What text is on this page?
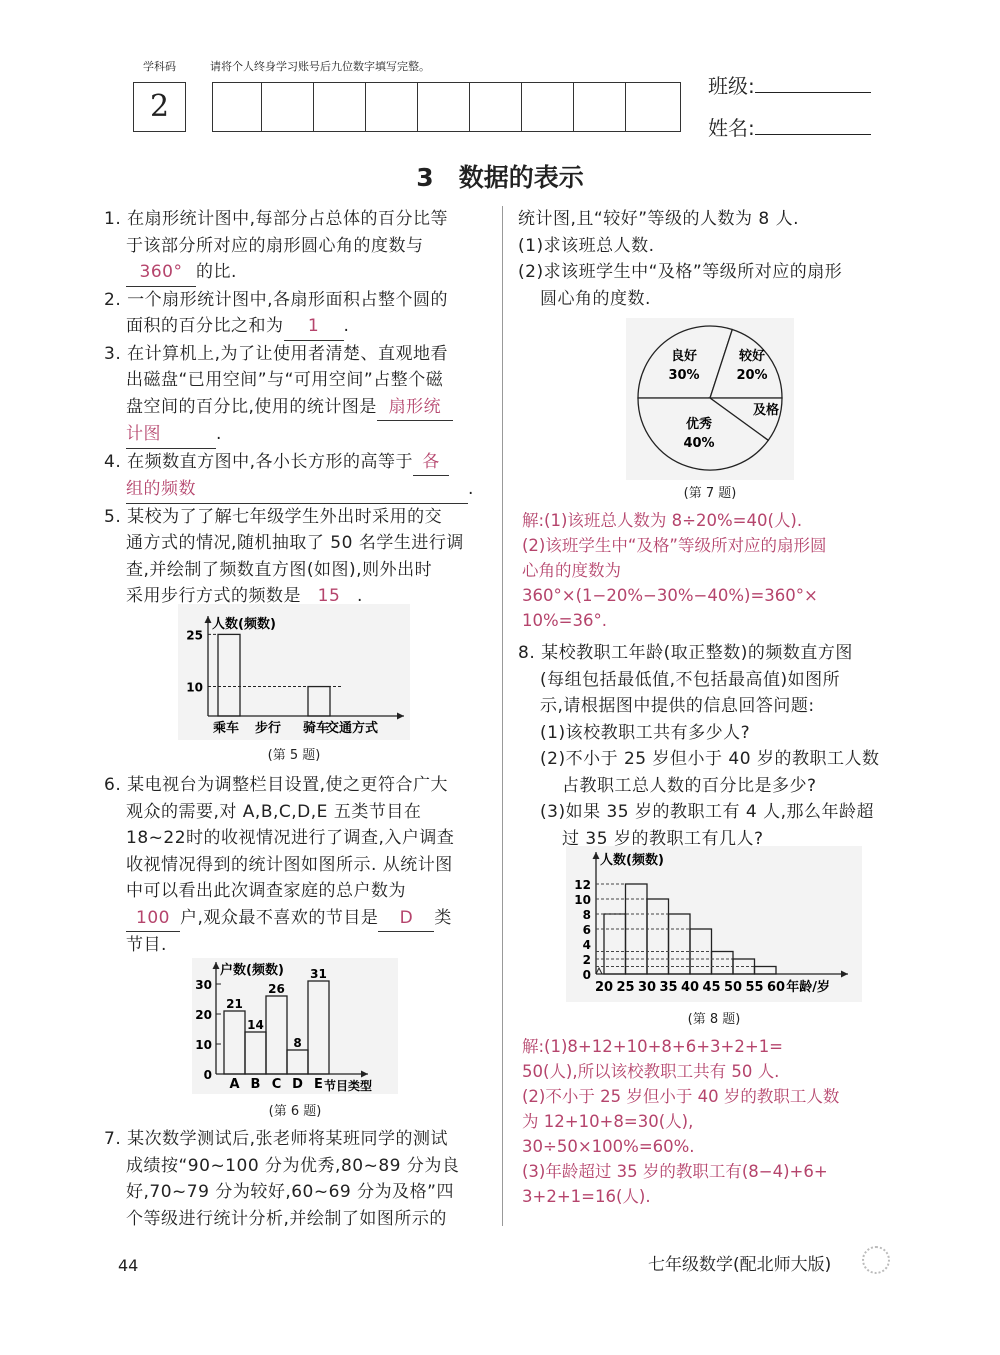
学科码
2
请将个人终身学习账号后九位数字填写完整。
班级:
姓名:
3　数据的表示
1. 在扇形统计图中,每部分占总体的百分比等
于该部分所对应的扇形圆心角的度数与
360° 的比.
2. 一个扇形统计图中,各扇形面积占整个圆的
面积的百分比之和为 1 .
3. 在计算机上,为了让使用者清楚、直观地看
出磁盘“已用空间”与“可用空间”占整个磁
盘空间的百分比,使用的统计图是 扇形统
计图	.
4. 在频数直方图中,各小长方形的高等于 各
组的频数	.
5. 某校为了了解七年级学生外出时采用的交
通方式的情况,随机抽取了 50 名学生进行调
查,并绘制了频数直方图(如图),则外出时
采用步行方式的频数是 15 .
人数(频数)
10
25
乘车 步行 骑车
交通方式
(第 5 题)
6. 某电视台为调整栏目设置,使之更符合广大
观众的需要,对 A,B,C,D,E 五类节目在
18~22时的收视情况进行了调查,入户调查
收视情况得到的统计图如图所示. 从统计图
中可以看出此次调查家庭的总户数为
100 户,观众最不喜欢的节目是 D 类
节目.
户数(频数)
0
10
20
30
21
A
14
B
26
C
8
D
31
E 节目类型
(第 6 题)
7. 某次数学测试后,张老师将某班同学的测试
成绩按“90~100 分为优秀,80~89 分为良
好,70~79 分为较好,60~69 分为及格”四
个等级进行统计分析,并绘制了如图所示的
统计图,且“较好”等级的人数为 8 人.
(1)求该班总人数.
(2)求该班学生中“及格”等级所对应的扇形
圆心角的度数.
良好
30%
较好
20%
及格
优秀
40%
(第 7 题)
解:(1)该班总人数为 8÷20%=40(人).
(2)该班学生中“及格”等级所对应的扇形圆
心角的度数为
360°×(1−20%−30%−40%)=360°×
10%=36°.
8. 某校教职工年龄(取正整数)的频数直方图
(每组包括最低值,不包括最高值)如图所
示,请根据图中提供的信息回答问题:
(1)该校教职工共有多少人?
(2)不小于 25 岁但小于 40 岁的教职工人数
占教职工总人数的百分比是多少?
(3)如果 35 岁的教职工有 4 人,那么年龄超
过 35 岁的教职工有几人?
人数(频数)
0
2
4
6
8
10
12
20 25 30 35 40 45 50 55 60 年龄/岁
(第 8 题)
解:(1)8+12+10+8+6+3+2+1=
50(人),所以该校教职工共有 50 人.
(2)不小于 25 岁但小于 40 岁的教职工人数
为 12+10+8=30(人),
30÷50×100%=60%.
(3)年龄超过 35 岁的教职工有(8−4)+6+
3+2+1=16(人).
44	七年级数学(配北师大版)
